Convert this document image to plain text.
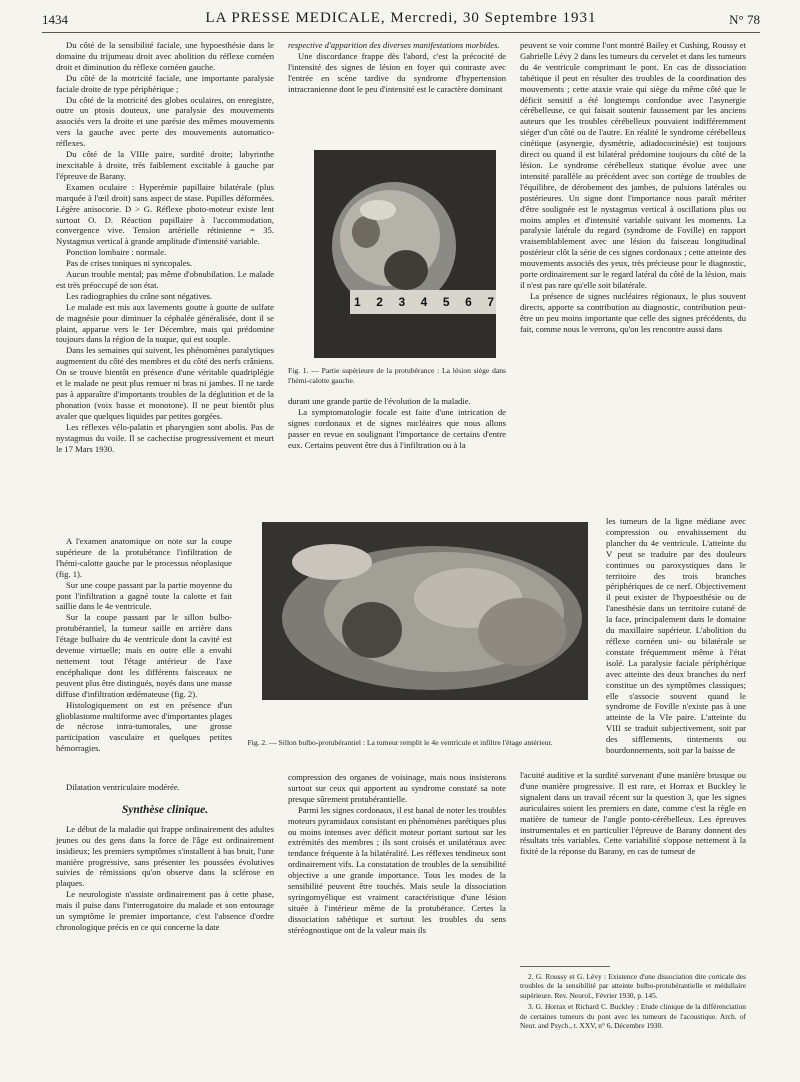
1434	LA PRESSE MEDICALE, Mercredi, 30 Septembre 1931	N° 78

Du côté de la sensibilité faciale, une hypoesthésie dans le domaine du trijumeau droit avec abolition du réflexe cornéen droit et diminution du réflexe cornéen gauche.

Du côté de la motricité faciale, une importante paralysie faciale droite de type périphérique ;

Du côté de la motricité des globes oculaires, on enregistre, outre un ptosis douteux, une paralysie des mouvements associés vers la droite et une parésie des mêmes mouvements vers la gauche avec perte des mouvements automatico-réflexes.

Du côté de la VIIIe paire, surdité droite; labyrinthe inexcitable à droite, très faiblement excitable à gauche par l'épreuve de Barany.

Examen oculaire : Hyperémie papillaire bilatérale (plus marquée à l'œil droit) sans aspect de stase. Pupilles déformées. Légère anisocorie. D > G. Réflexe photo-moteur existe lent surtout O. D. Réaction pupillaire à l'accommodation, convergence vive. Tension artérielle rétinienne = 35. Nystagmus vertical à grande amplitude d'intensité variable.

Ponction lombaire : normale.

Pas de crises toniques ni syncopales.

Aucun trouble mental; pas même d'obnubilation. Le malade est très préoccupé de son état.

Les radiographies du crâne sont négatives.

Le malade est mis aux lavements goutte à goutte de sulfate de magnésie pour diminuer la céphalée généralisée, dont il se plaint, apparue vers le 1er Décembre, mais qui prédomine toujours dans la région de la nuque, qui est souple.

Dans les semaines qui suivent, les phénomènes paralytiques augmentent du côté des membres et du côté des nerfs crâniens. On se trouve bientôt en présence d'une véritable quadriplégie et le malade ne peut plus remuer ni bras ni jambes. Il ne tarde pas à apparaître d'importants troubles de la déglutition et de la phonation (voix basse et monotone). Il ne peut bientôt plus avaler que quelques liquides par petites gorgées.

Les réflexes vélo-palatin et pharyngien sont abolis. Pas de nystagmus du voile. Il se cachectise progressivement et meurt le 17 Mars 1930.

A l'examen anatomique on note sur la coupe supérieure de la protubérance l'infiltration de l'hémi-calotte gauche par le processus néoplasique (fig. 1).

Sur une coupe passant par la partie moyenne du pont l'infiltration a gagné toute la calotte et fait saillie dans le 4e ventricule.

Sur la coupe passant par le sillon bulbo-protubérantiel, la tumeur saille en arrière dans l'étage bulbaire du 4e ventricule dont la cavité est devenue virtuelle; mais en outre elle a envahi nettement tout l'étage antérieur de l'axe encéphalique dont les différents faisceaux ne peuvent plus être distingués, noyés dans une masse diffuse d'infiltration œdémateuse (fig. 2).

Histologiquement on est en présence d'un glioblastome multiforme avec d'importantes plages de nécrose intra-tumorales, une grosse participation vasculaire et quelques petites hémorragies.

Dilatation ventriculaire modérée.

Synthèse clinique.

Le début de la maladie qui frappe ordinairement des adultes jeunes ou des gens dans la force de l'âge est ordinairement insidieux; les premiers symptômes s'installent à bas bruit, l'une manière progressive, sans présenter les poussées évolutives suivies de rémissions qu'on observe dans la sclérose en plaques.

Le neurologiste n'assiste ordinairement pas à cette phase, mais il puise dans l'interrogatoire du malade et son entourage un symptôme le premier importance, c'est l'absence d'ordre chronologique précis en ce qui concerne la date

respective d'apparition des diverses manifestations morbides.

Une discordance frappe dès l'abord, c'est la précocité de l'intensité des signes de lésion en foyer qui contraste avec l'entrée en scène tardive du syndrome d'hypertension intracranienne dont le peu d'intensité est le caractère dominant

1 2 3 4 5 6 7
Fig. 1. — Partie supérieure de la protubérance : La lésion siège dans l'hémi-calotte gauche.

durant une grande partie de l'évolution de la maladie.

La symptomatologie focale est faite d'une intrication de signes cordonaux et de signes nucléaires que nous allons passer en revue en soulignant l'importance de certains d'entre eux. Certains peuvent être dus à l'infiltration ou à la

Fig. 2. — Sillon bulbo-protubérantiel : La tumeur remplit le 4e ventricule et infiltre l'étage antérieur.

compression des organes de voisinage, mais nous insisterons surtout sur ceux qui apportent au syndrome constaté sa note presque sûrement protubérantielle.

Parmi les signes cordonaux, il est banal de noter les troubles moteurs pyramidaux consistant en phénomènes parétiques plus ou moins intenses avec déficit moteur portant surtout sur les extrémités des membres ; ils sont croisés et unilatéraux avec tendance fréquente à la bilatéralité. Les réflexes tendineux sont ordinairement vifs. La constatation de troubles de la sensibilité objective a une grande importance. Tous les modes de la sensibilité peuvent être touchés. Mais seule la dissociation syringomyélique est vraiment caractéristique d'une lésion située à l'intérieur même de la protubérance. Certes la dissociation tabétique et surtout les troubles du sens stéréognostique ont de la valeur mais ils

peuvent se voir comme l'ont montré Bailey et Cushing, Roussy et Gabrielle Lévy 2 dans les tumeurs du cervelet et dans les tumeurs du 4e ventricule comprimant le pont. En cas de dissociation tabétique il peut en résulter des troubles de la coordination des mouvements ; cette ataxie vraie qui siège du même côté que le déficit sensitif a été longtemps confondue avec l'asynergie cérébelleuse, ce qui faisait soutenir faussement par les anciens auteurs que les troubles cérébelleux pouvaient indifféremment siéger d'un côté ou de l'autre. En réalité le syndrome cérébelleux cinétique (asynergie, dysmétrie, adiadococinésie) est toujours direct ou quand il est bilatéral prédomine toujours du côté de la lésion. Le syndrome cérébelleux statique évolue avec une intensité parallèle au précédent avec son cortège de troubles de l'équilibre, de dérobement des jambes, de pulsions latérales ou postérieures. Un signe dont l'importance nous paraît mériter d'être soulignée est le nystagmus vertical à oscillations plus ou moins amples et d'intensité variable suivant les moments. La paralysie latérale du regard (syndrome de Foville) en rapport vraisemblablement avec une lésion du faisceau longitudinal postérieur clôt la série de ces signes cordonaux ; cette atteinte des mouvements associés des yeux, très précieuse pour le diagnostic, porte ordinairement sur le regard latéral du côté de la lésion, mais il n'est pas rare qu'elle soit bilatérale.

La présence de signes nucléaires régionaux, le plus souvent directs, apporte sa contribution au diagnostic, contribution peut-être un peu moins importante que celle des signes précédents, du fait, comme nous le verrons, qu'on les rencontre aussi dans

les tumeurs de la ligne médiane avec compression ou envahissement du plancher du 4e ventricule. L'atteinte du V peut se traduire par des douleurs continues ou paroxystiques dans le territoire des trois branches périphériques de ce nerf. Objectivement il peut exister de l'hypoesthésie ou de l'anesthésie dans un territoire cutané de la face, principalement dans le domaine du maxillaire supérieur. L'abolition du réflexe cornéen uni- ou bilatérale se constate fréquemment même à l'état isolé. La paralysie faciale périphérique avec atteinte des deux branches du nerf constitue un des symptômes classiques; elle s'associe souvent quand le syndrome de Foville n'existe pas à une atteinte de la VIe paire. L'atteinte du VIII se traduit subjectivement, soit par des sifflements, tintements ou bourdonnements, soit par la baisse de

l'acuité auditive et la surdité survenant d'une manière brusque ou d'une manière progressive. Il est rare, et Horrax et Buckley le signalent dans un travail récent sur la question 3, que les signes auriculaires soient les premiers en date, comme c'est la règle en matière de tumeur de l'angle ponto-cérébelleux. Les épreuves instrumentales et en particulier l'épreuve de Barany donnent des résultats très variables. Cette variabilité s'oppose nettement à la fixité de la réponse du Barany, en cas de tumeur de

2. G. Roussy et G. Lévy : Existence d'une dissociation dite corticale des troubles de la sensibilité par atteinte bulbo-protubérantielle et médullaire supérieure. Rev. Neurol., Février 1930, p. 145.

3. G. Horrax et Richard C. Buckley : Etude clinique de la différenciation de certaines tumeurs du pont avec les tumeurs de l'acoustique. Arch. of Neur. and Psych., t. XXV, n° 6, Décembre 1930.
